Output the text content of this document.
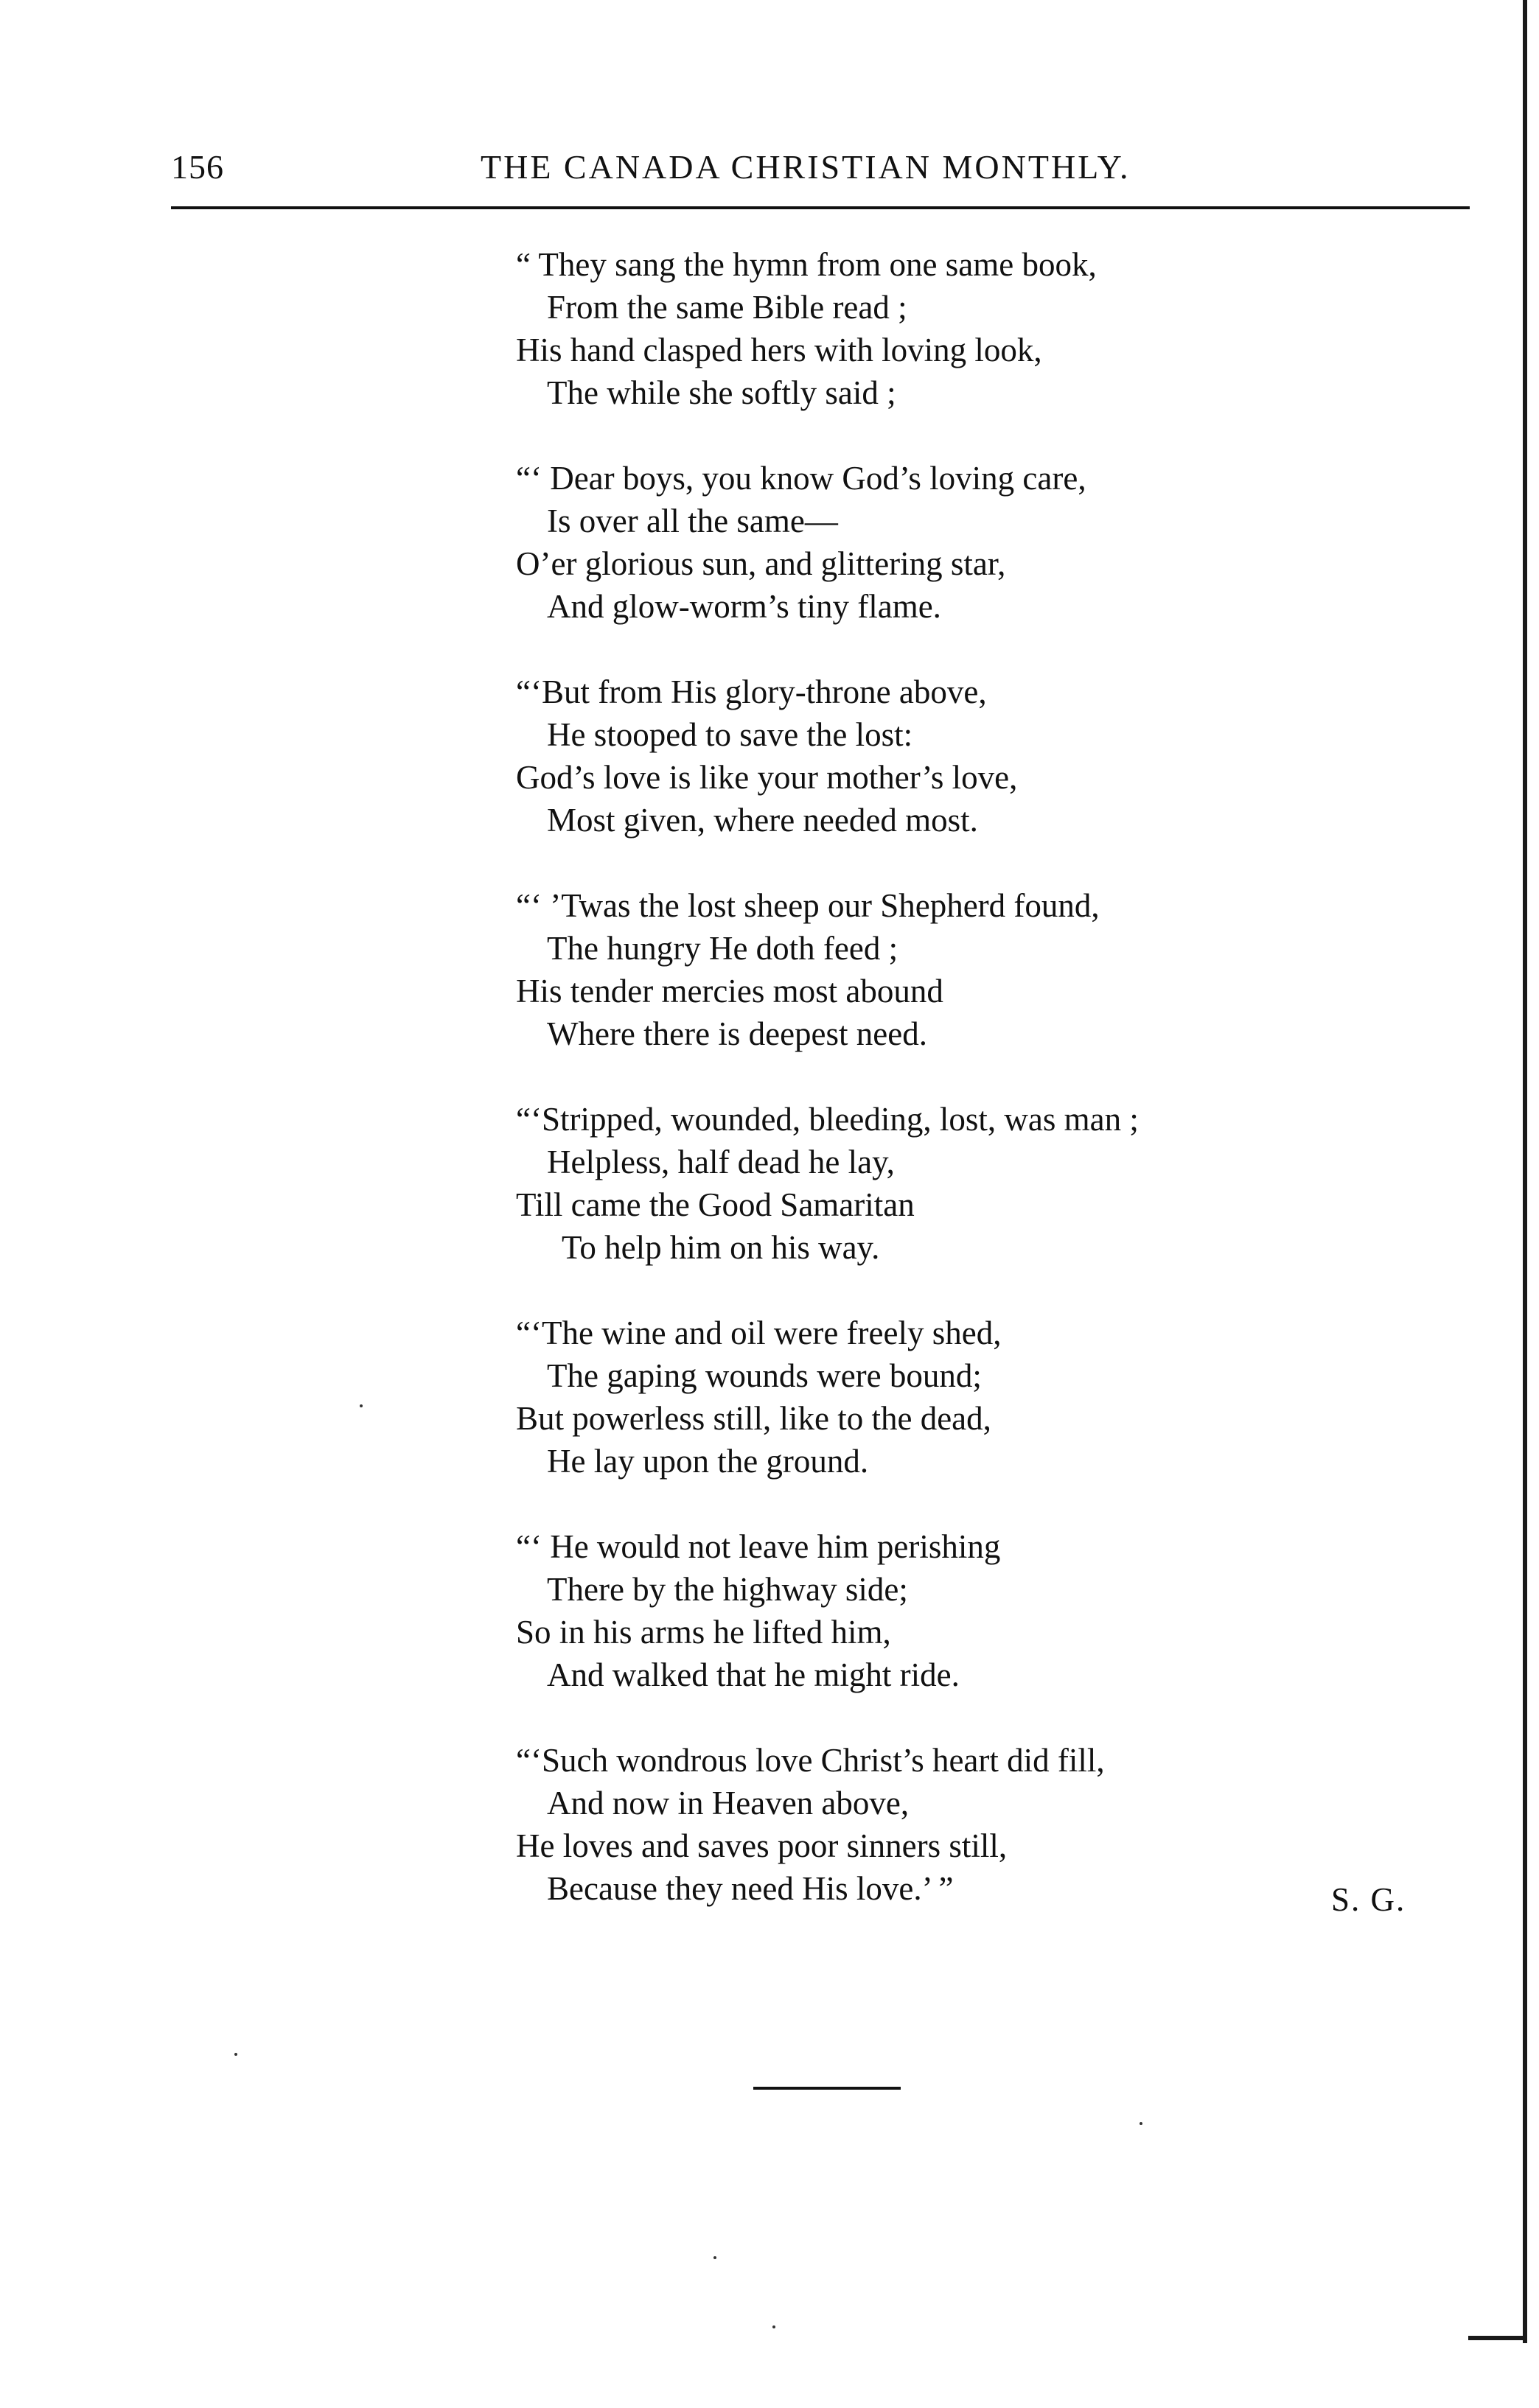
156	THE CANADA CHRISTIAN MONTHLY.
“ They sang the hymn from one same book,
From the same Bible read ;
His hand clasped hers with loving look,
The while she softly said ;
“‘ Dear boys, you know God’s loving care,
Is over all the same—
O’er glorious sun, and glittering star,
And glow-worm’s tiny flame.
“‘But from His glory-throne above,
He stooped to save the lost:
God’s love is like your mother’s love,
Most given, where needed most.
“‘ ’Twas the lost sheep our Shepherd found,
The hungry He doth feed ;
His tender mercies most abound
Where there is deepest need.
“‘Stripped, wounded, bleeding, lost, was man ;
Helpless, half dead he lay,
Till came the Good Samaritan
To help him on his way.
“‘The wine and oil were freely shed,
The gaping wounds were bound;
But powerless still, like to the dead,
He lay upon the ground.
“‘ He would not leave him perishing
There by the highway side;
So in his arms he lifted him,
And walked that he might ride.
“‘Such wondrous love Christ’s heart did fill,
And now in Heaven above,
He loves and saves poor sinners still,
Because they need His love.’ ”	S. G.
